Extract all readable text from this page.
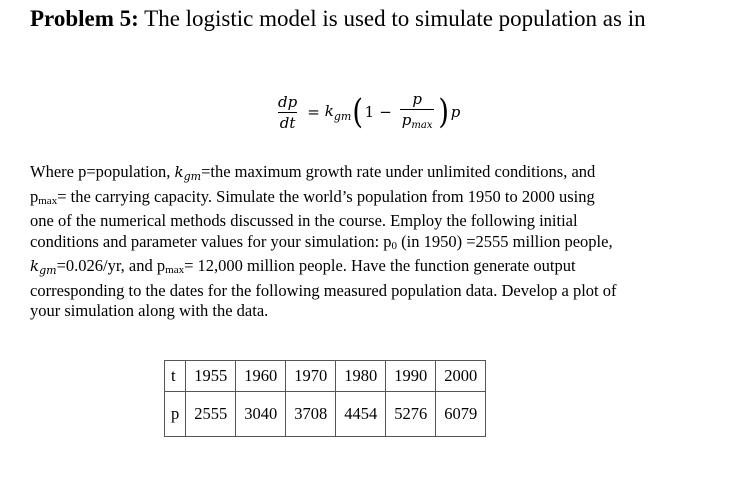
Problem 5: The logistic model is used to simulate population as in
$\frac{dp}{dt} = k_{gm}$ ( $1 - \frac{p}{p_{max}}$ ) p
Where p=population, $k_{gm}=the$ maximum growth rate under unlimited conditions, and
pmax= the carrying capacity. Simulate the world’s population from 1950 to 2000 using
one of the numerical methods discussed in the course. Employ the following initial
conditions and parameter values for your simulation: p0 (in 1950) =2555 million people,
$k_{gm}=0.026/yr$, and pmax= 12,000 million people. Have the function generate output
corresponding to the dates for the following measured population data. Develop a plot of
your simulation along with the data.
t	1955	1960	1970	1980	1990	2000
p	2555	3040	3708	4454	5276	6079
